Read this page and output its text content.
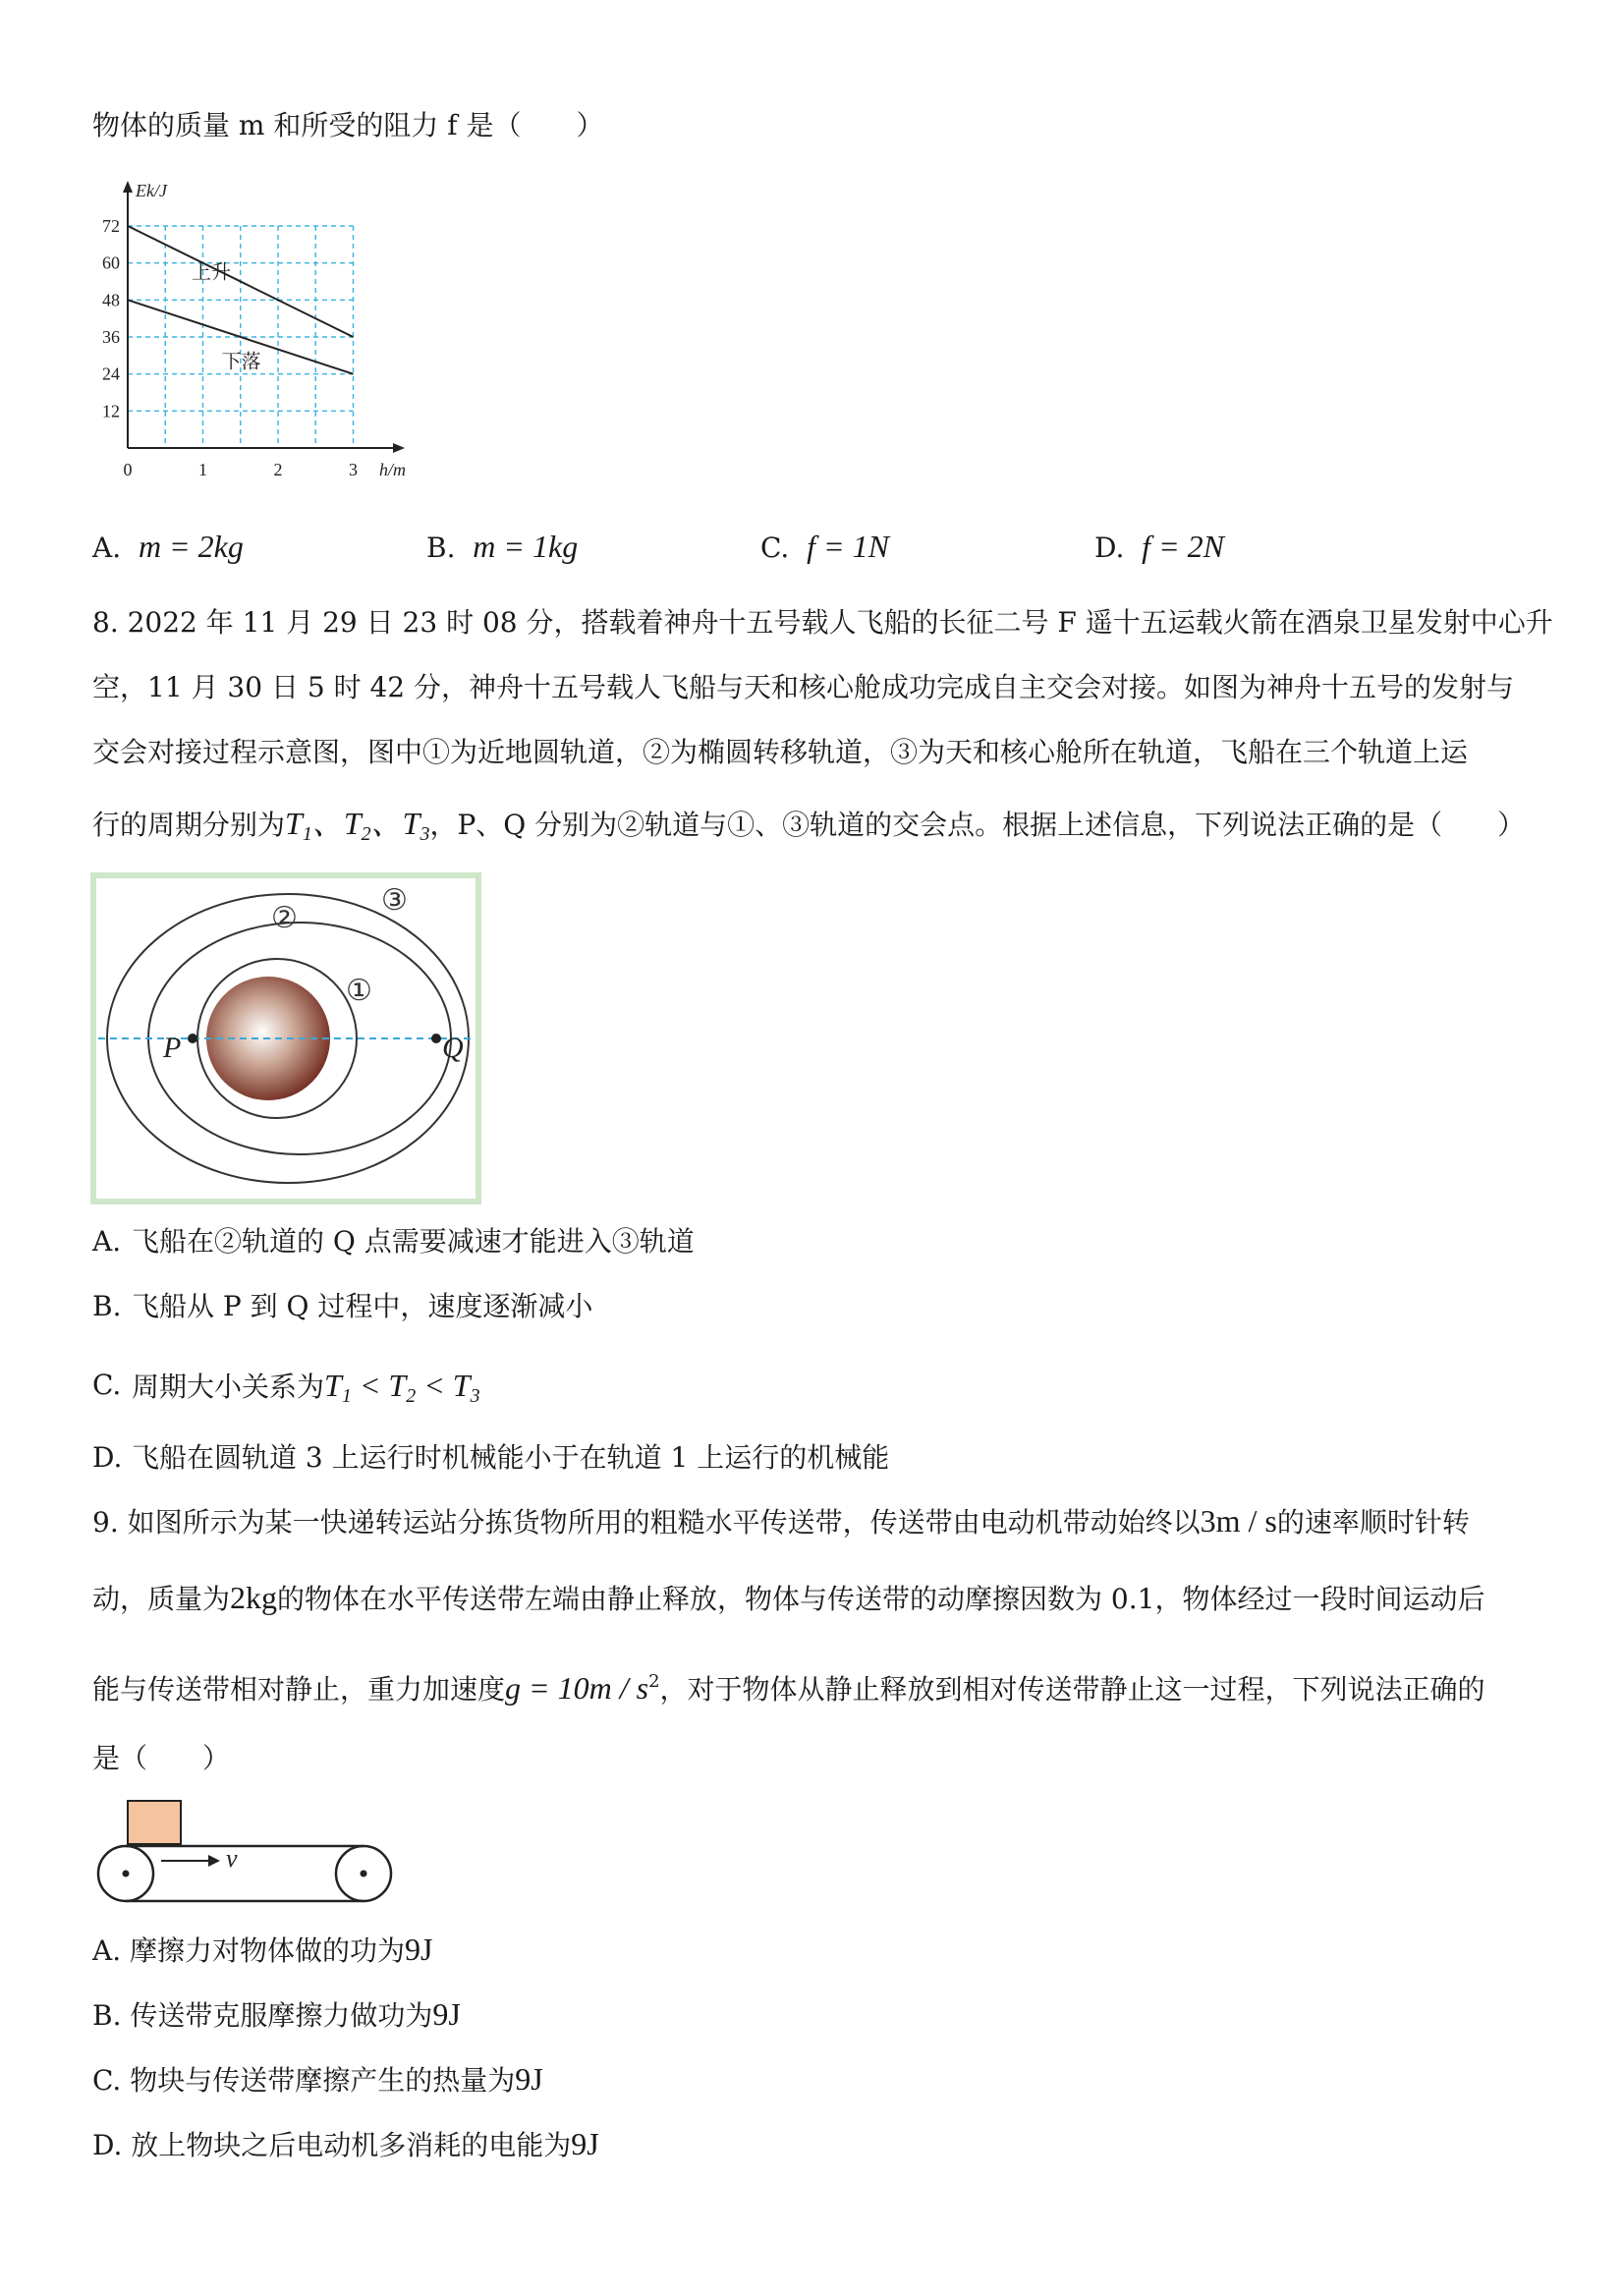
物体的质量 m 和所受的阻力 f 是（　　）
72
60
48
36
24
12
0	1	2	3
Ek/J
h/m
上升
下落
A. m = 2kg	B. m = 1kg	C. f = 1N	D. f = 2N
8. 2022 年 11 月 29 日 23 时 08 分，搭载着神舟十五号载人飞船的长征二号 F 遥十五运载火箭在酒泉卫星发射中心升
空，11 月 30 日 5 时 42 分，神舟十五号载人飞船与天和核心舱成功完成自主交会对接。如图为神舟十五号的发射与
交会对接过程示意图，图中①为近地圆轨道，②为椭圆转移轨道，③为天和核心舱所在轨道，飞船在三个轨道上运
行的周期分别为$T_1$、$T_2$、$T_3$，P、Q 分别为②轨道与①、③轨道的交会点。根据上述信息，下列说法正确的是（　　）
P	Q
①
②
③
A. 飞船在②轨道的 Q 点需要减速才能进入③轨道
B. 飞船从 P 到 Q 过程中，速度逐渐减小
C. 周期大小关系为$T_1 < T_2 < T_3$
D. 飞船在圆轨道 3 上运行时机械能小于在轨道 1 上运行的机械能
9. 如图所示为某一快递转运站分拣货物所用的粗糙水平传送带，传送带由电动机带动始终以3m / s的速率顺时针转
动，质量为2kg的物体在水平传送带左端由静止释放，物体与传送带的动摩擦因数为 0.1，物体经过一段时间运动后
能与传送带相对静止，重力加速度$g = 10m / s^2$，对于物体从静止释放到相对传送带静止这一过程，下列说法正确的
是（　　）
v
A. 摩擦力对物体做的功为9J
B. 传送带克服摩擦力做功为9J
C. 物块与传送带摩擦产生的热量为9J
D. 放上物块之后电动机多消耗的电能为9J
